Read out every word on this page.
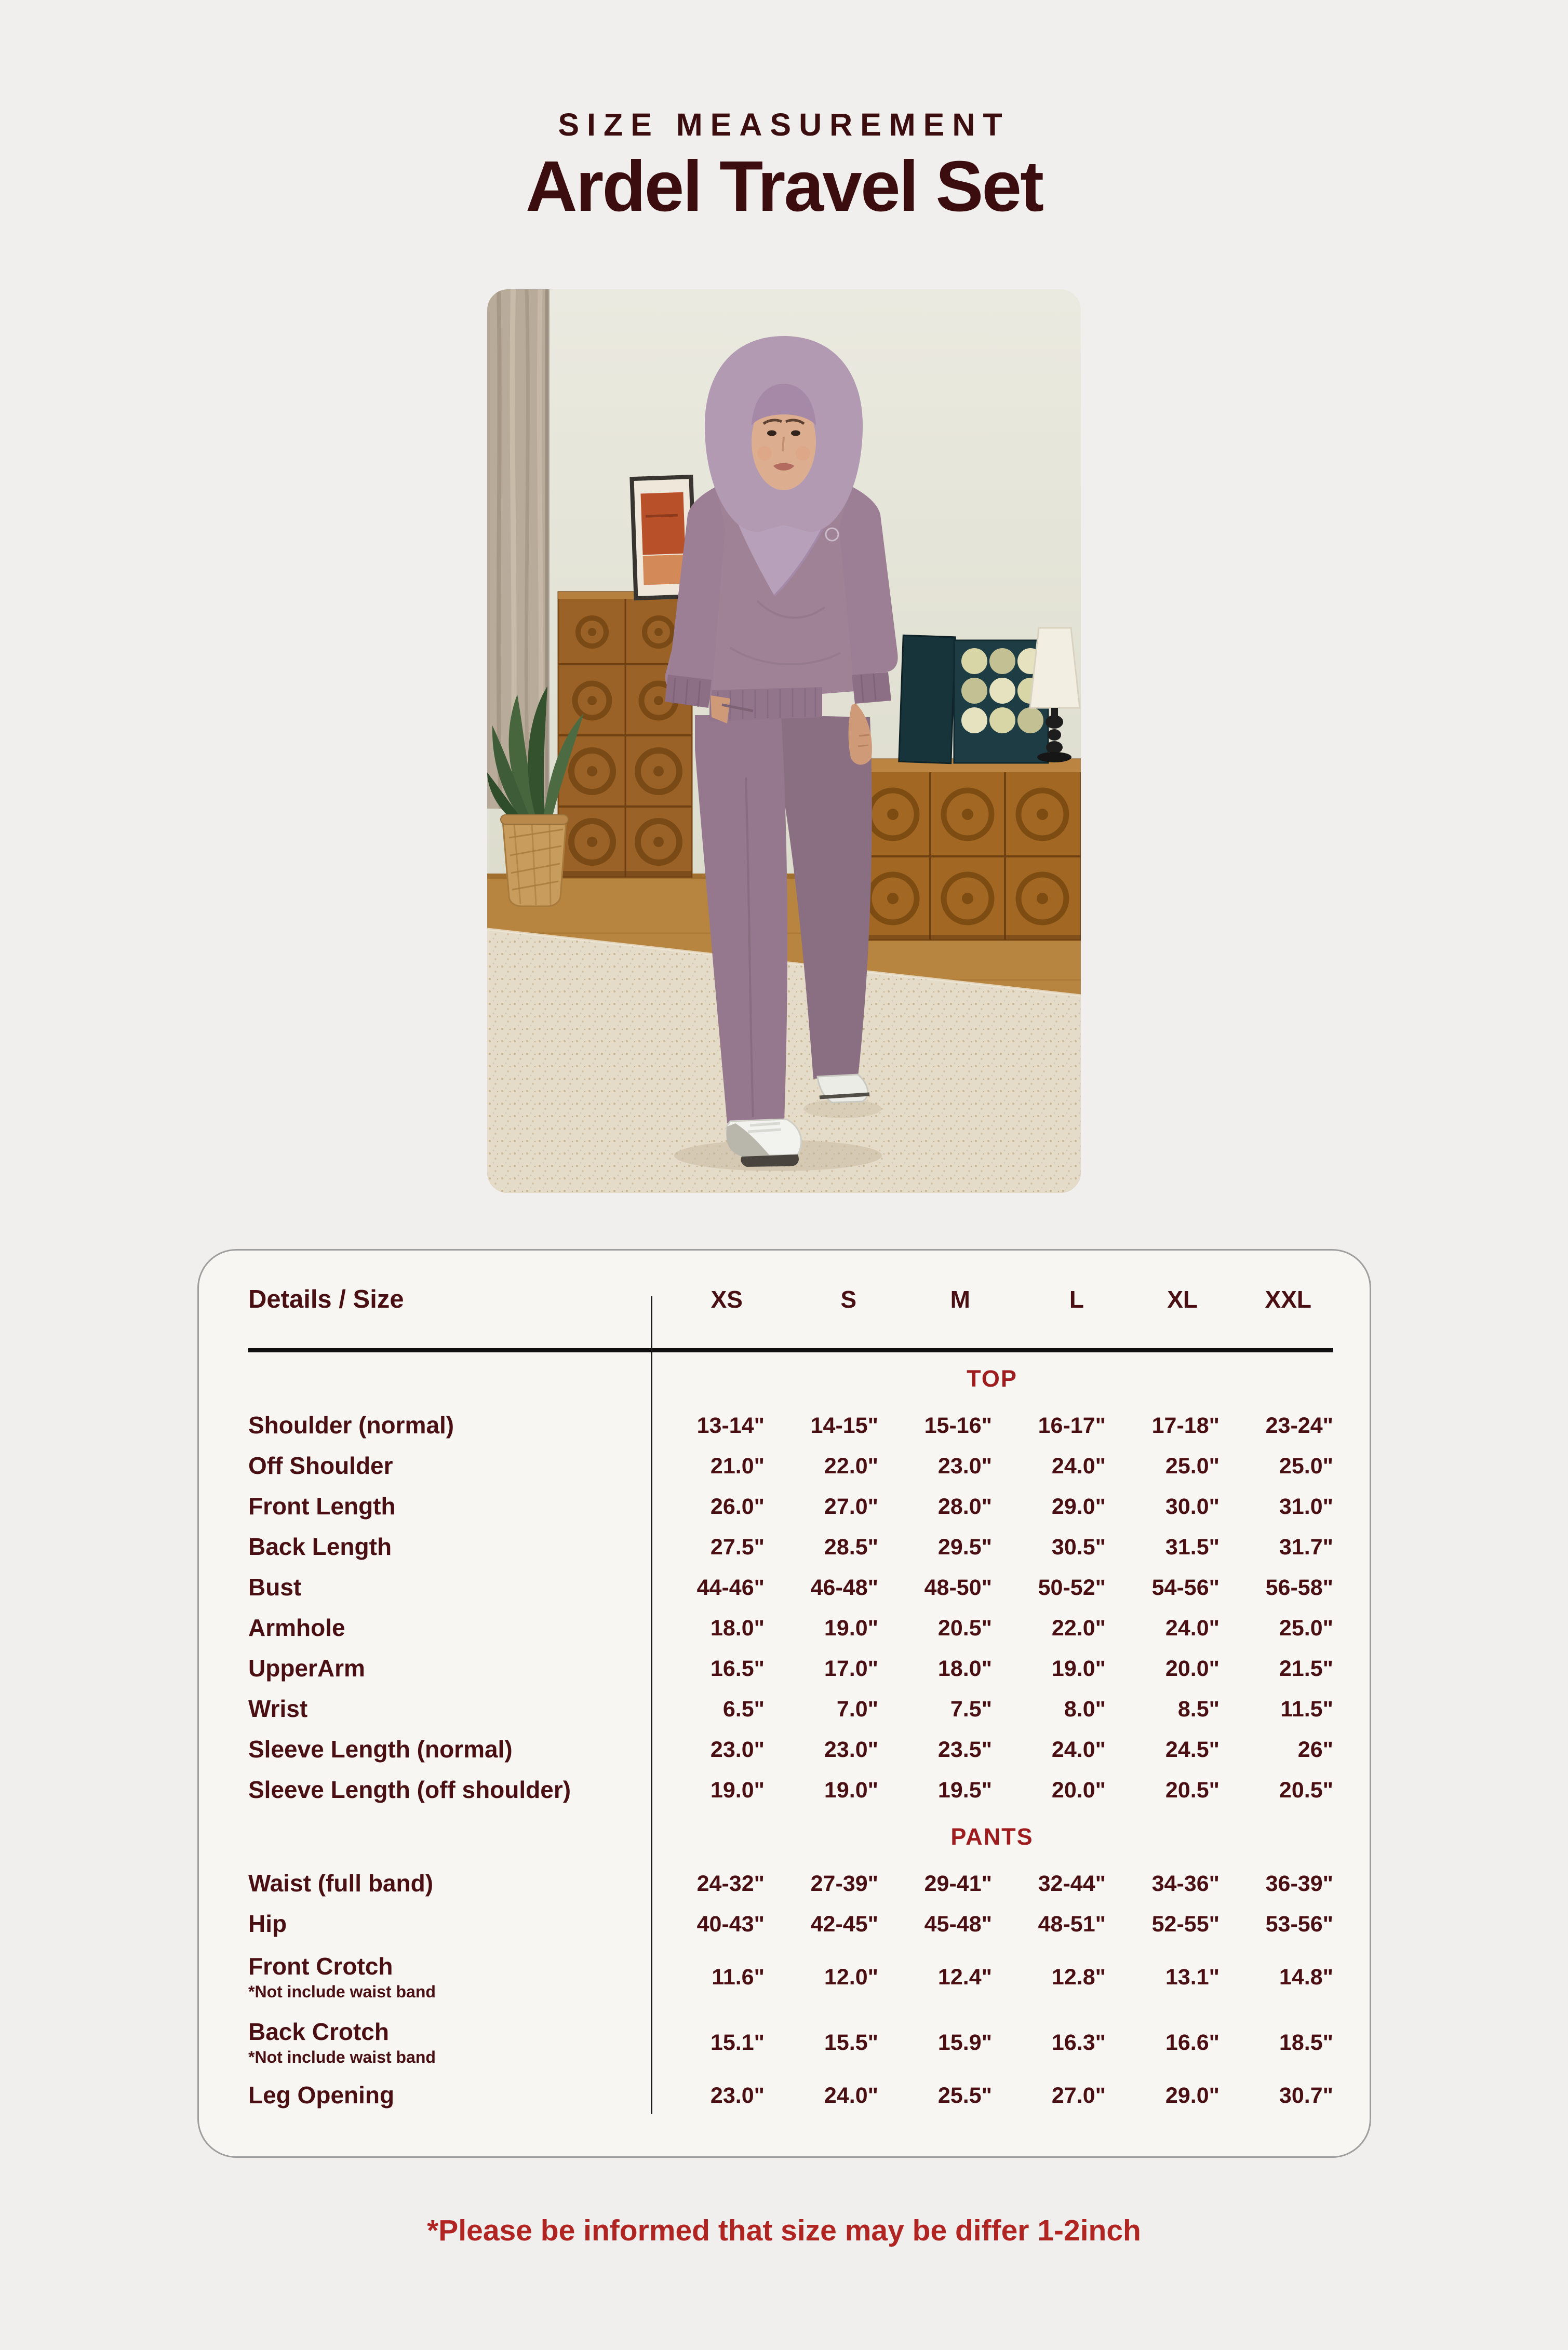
SIZE MEASUREMENT
Ardel Travel Set
Details / Size	XS	S	M	L	XL	XXL
TOP
Shoulder (normal)	13-14"	14-15"	15-16"	16-17"	17-18"	23-24"
Off Shoulder	21.0"	22.0"	23.0"	24.0"	25.0"	25.0"
Front Length	26.0"	27.0"	28.0"	29.0"	30.0"	31.0"
Back Length	27.5"	28.5"	29.5"	30.5"	31.5"	31.7"
Bust	44-46"	46-48"	48-50"	50-52"	54-56"	56-58"
Armhole	18.0"	19.0"	20.5"	22.0"	24.0"	25.0"
UpperArm	16.5"	17.0"	18.0"	19.0"	20.0"	21.5"
Wrist	6.5"	7.0"	7.5"	8.0"	8.5"	11.5"
Sleeve Length (normal)	23.0"	23.0"	23.5"	24.0"	24.5"	26"
Sleeve Length (off shoulder)	19.0"	19.0"	19.5"	20.0"	20.5"	20.5"
PANTS
Waist (full band)	24-32"	27-39"	29-41"	32-44"	34-36"	36-39"
Hip	40-43"	42-45"	45-48"	48-51"	52-55"	53-56"
Front Crotch
*Not include waist band
11.6"	12.0"	12.4"	12.8"	13.1"	14.8"
Back Crotch
*Not include waist band
15.1"	15.5"	15.9"	16.3"	16.6"	18.5"
Leg Opening	23.0"	24.0"	25.5"	27.0"	29.0"	30.7"
*Please be informed that size may be differ 1-2inch
